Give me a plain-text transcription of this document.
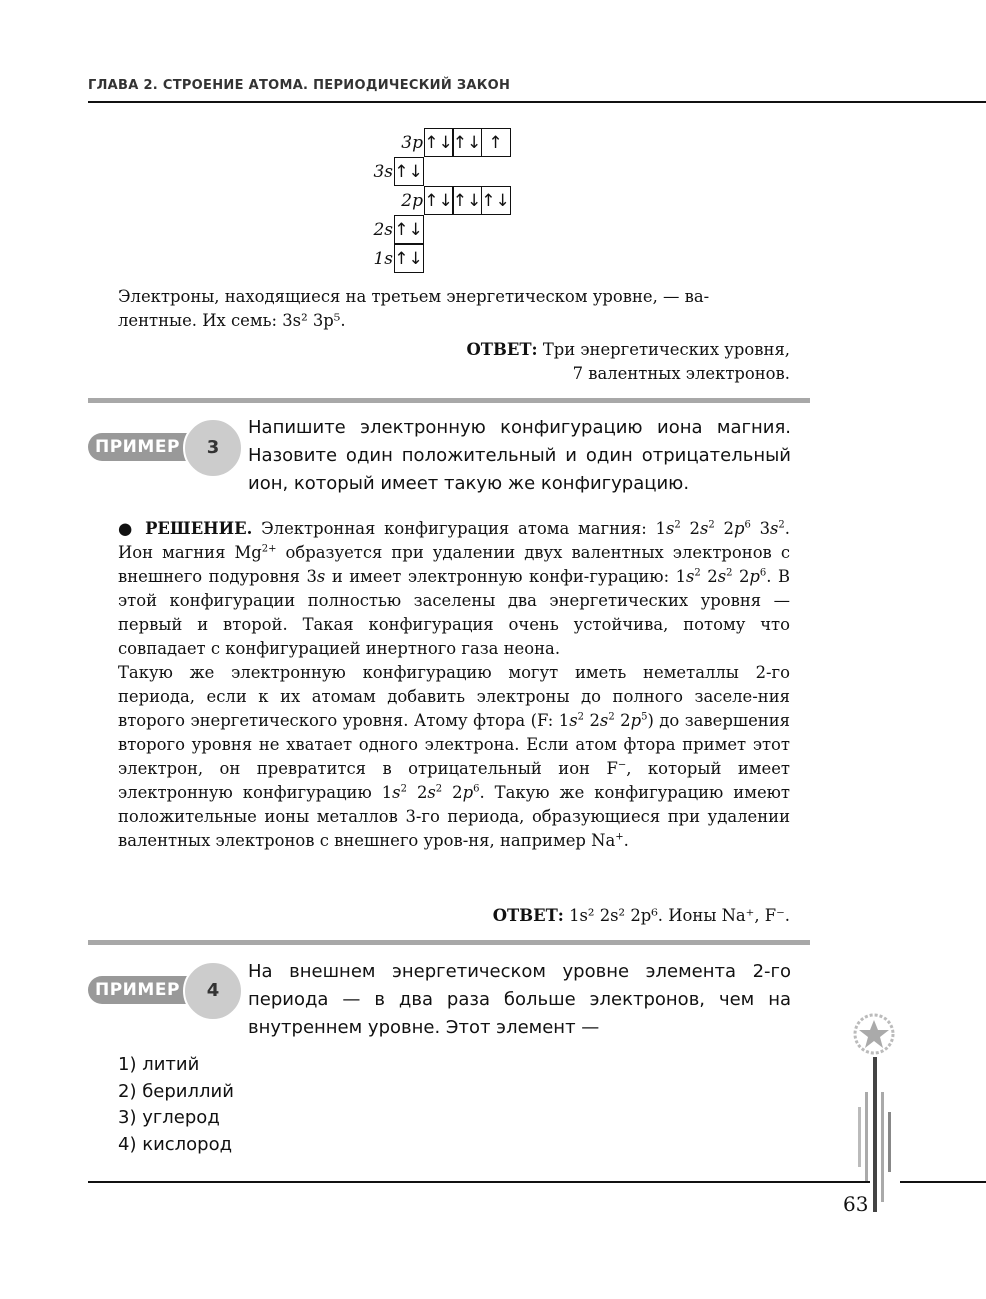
ГЛАВА 2. СТРОЕНИЕ АТОМА. ПЕРИОДИЧЕСКИЙ ЗАКОН
3p ↑↓ ↑↓ ↑
3s ↑↓
2p ↑↓ ↑↓ ↑↓
2s ↑↓
1s ↑↓
Электроны, находящиеся на третьем энергетическом уровне, — ва-
лентные. Их семь: 3s² 3p⁵.
ОТВЕТ: Три энергетических уровня,
7 валентных электронов.
ПРИМЕР	3
Напишите электронную конфигурацию иона магния. Назовите один положительный и один отрицательный ион, который имеет такую же конфигурацию.
● РЕШЕНИЕ. Электронная конфигурация атома магния: $1s^2$ $2s^2$ $2p^6$ $3s^2$. Ион магния $Mg^{2+}$ образуется при удалении двух валентных электронов с внешнего подуровня 3s и имеет электронную конфи-гурацию: $1s^2$ $2s^2$ $2p^6$. В этой конфигурации полностью заселены два энергетических уровня — первый и второй. Такая конфигурация очень устойчива, потому что совпадает с конфигурацией инертного газа неона.
Такую же электронную конфигурацию могут иметь неметаллы 2-го периода, если к их атомам добавить электроны до полного заселе-ния второго энергетического уровня. Атому фтора (F: $1s^2$ $2s^2$ $2p^5$) до завершения второго уровня не хватает одного электрона. Если атом фтора примет этот электрон, он превратится в отрицательный ион F−, который имеет электронную конфигурацию $1s^2$ $2s^2$ $2p^6$. Такую же конфигурацию имеют положительные ионы металлов 3-го периода, образующиеся при удалении валентных электронов с внешнего уров-ня, например Na+.
ОТВЕТ: 1s² 2s² 2p⁶. Ионы Na⁺, F⁻.
ПРИМЕР	4
На внешнем энергетическом уровне элемента 2-го периода — в два раза больше электронов, чем на внутреннем уровне. Этот элемент —
1) литий
2) бериллий
3) углерод
4) кислород
63
